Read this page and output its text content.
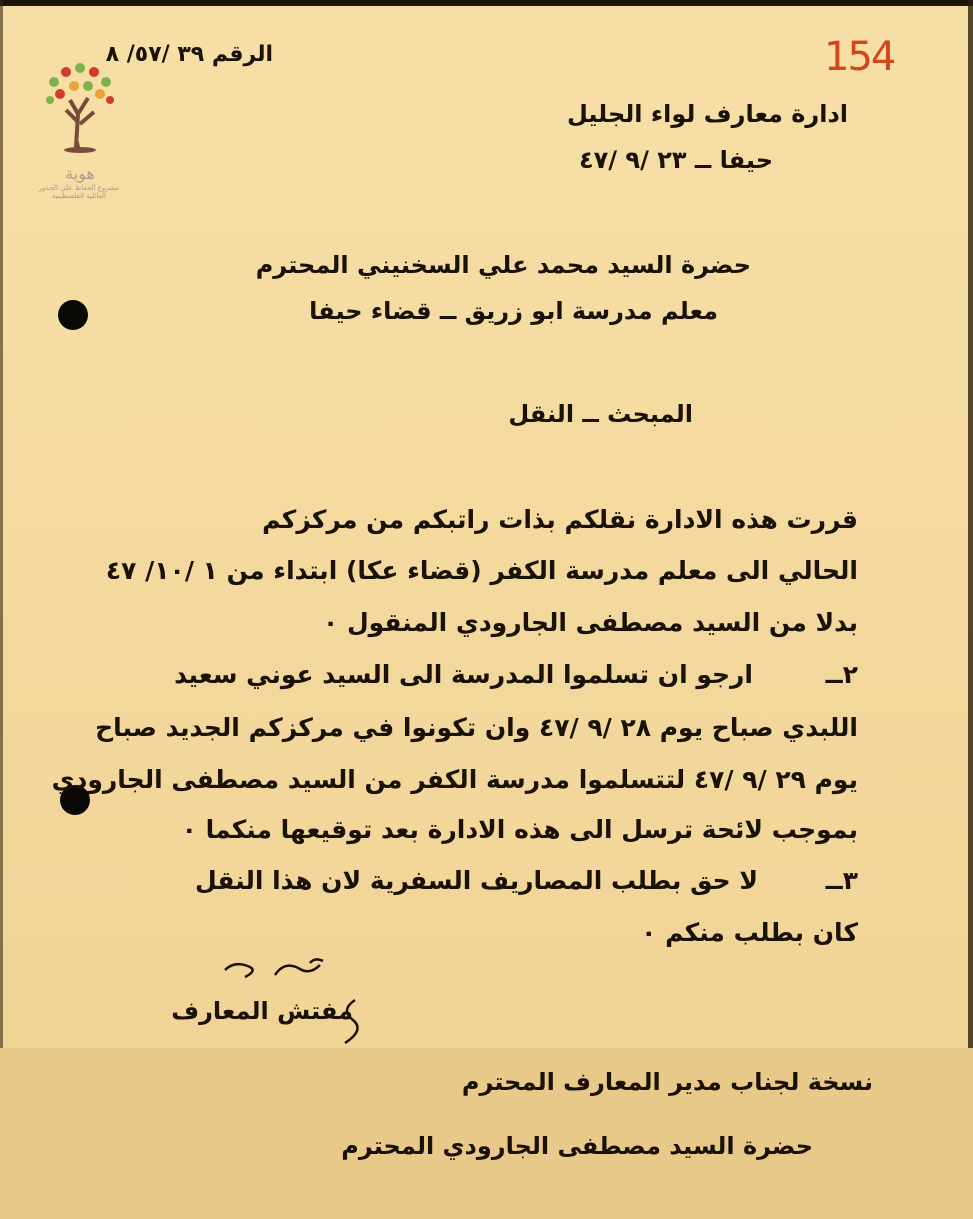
هوية
مشروع الحفاظ على الجذور العائلية الفلسطينية
الرقم ٣٩ /٥٧/ ٨	154
ادارة معارف لواء الجليل
حيفا ــ ٢٣ /٩ /٤٧
حضرة السيد محمد علي السخنيني المحترم
معلم مدرسة ابو زريق ــ قضاء حيفا
المبحث ــ النقل
قررت هذه الادارة نقلكم بذات راتبكم من مركزكم
الحالي الى معلم مدرسة الكفر (قضاء عكا) ابتداء من ١ /١٠/ ٤٧
بدلا من السيد مصطفى الجارودي المنقول ٠
٢ــ
ارجو ان تسلموا المدرسة الى السيد عوني سعيد
اللبدي صباح يوم ٢٨ /٩ /٤٧ وان تكونوا في مركزكم الجديد صباح
يوم ٢٩ /٩ /٤٧ لتتسلموا مدرسة الكفر من السيد مصطفى الجارودي
بموجب لائحة ترسل الى هذه الادارة بعد توقيعها منكما ٠
٣ــ
لا حق بطلب المصاريف السفرية لان هذا النقل
كان بطلب منكم ٠
مفتش المعارف
نسخة لجناب مدير المعارف المحترم
حضرة السيد مصطفى الجارودي المحترم
